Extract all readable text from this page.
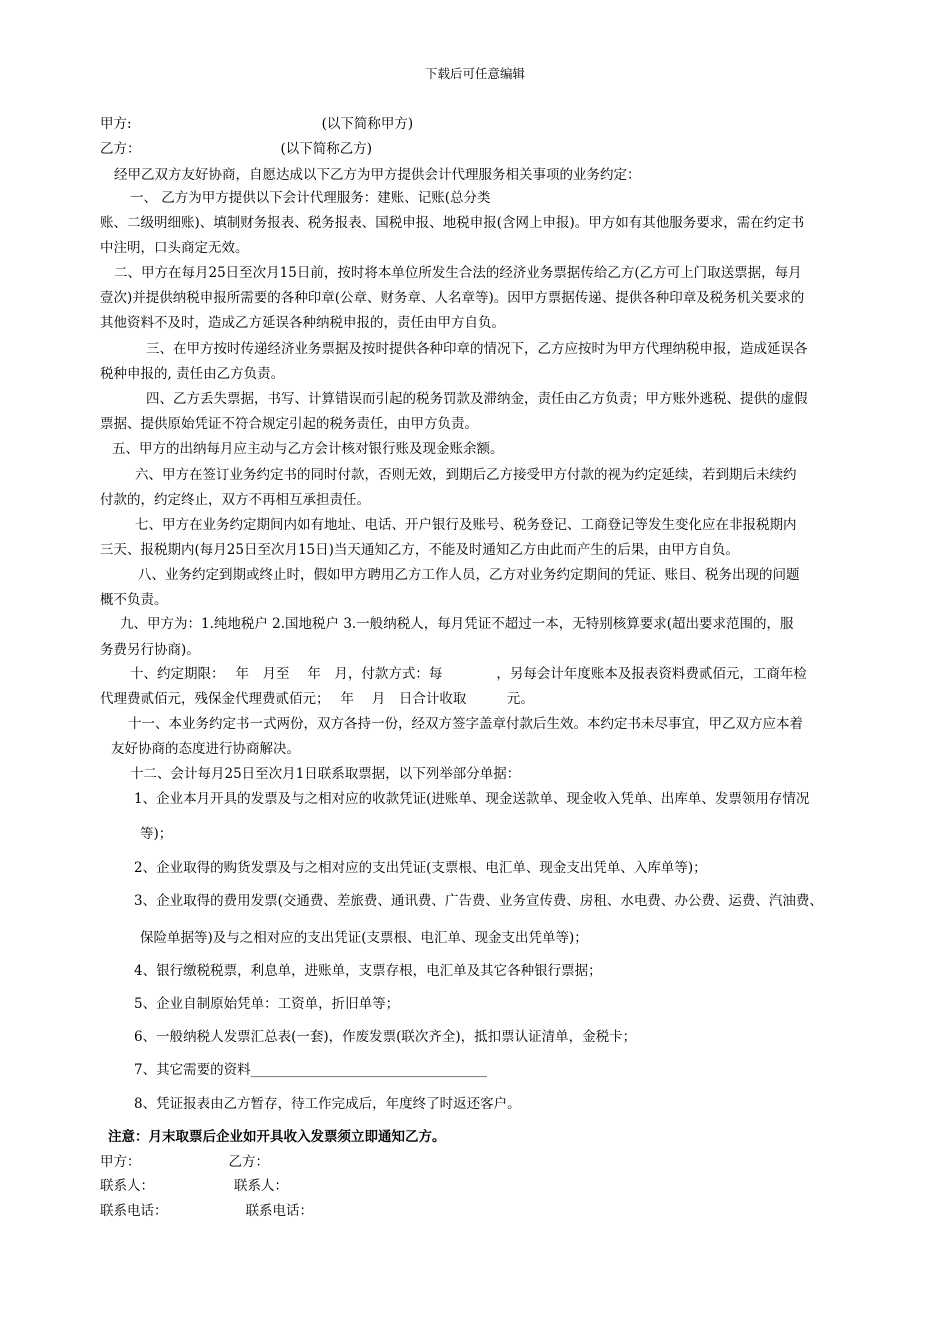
下载后可任意编辑
甲方:	(以下简称甲方)
乙方：	(以下简称乙方)
经甲乙双方友好协商，自愿达成以下乙方为甲方提供会计代理服务相关事项的业务约定：
一、 乙方为甲方提供以下会计代理服务：建账、记账(总分类
账、二级明细账)、填制财务报表、税务报表、国税申报、地税申报(含网上申报)。甲方如有其他服务要求，需在约定书
中注明，口头商定无效。
二、甲方在每月25日至次月15日前，按时将本单位所发生合法的经济业务票据传给乙方(乙方可上门取送票据，每月
壹次)并提供纳税申报所需要的各种印章(公章、财务章、人名章等)。因甲方票据传递、提供各种印章及税务机关要求的
其他资料不及时，造成乙方延误各种纳税申报的，责任由甲方自负。
三、在甲方按时传递经济业务票据及按时提供各种印章的情况下，乙方应按时为甲方代理纳税申报，造成延误各
税种申报的, 责任由乙方负责。
四、乙方丢失票据，书写、计算错误而引起的税务罚款及滞纳金，责任由乙方负责；甲方账外逃税、提供的虚假
票据、提供原始凭证不符合规定引起的税务责任，由甲方负责。
五、甲方的出纳每月应主动与乙方会计核对银行账及现金账余额。
六、甲方在签订业务约定书的同时付款，否则无效，到期后乙方接受甲方付款的视为约定延续，若到期后未续约
付款的，约定终止，双方不再相互承担责任。
七、甲方在业务约定期间内如有地址、电话、开户银行及账号、税务登记、工商登记等发生变化应在非报税期内
三天、报税期内(每月25日至次月15日)当天通知乙方，不能及时通知乙方由此而产生的后果，由甲方自负。
八、业务约定到期或终止时，假如甲方聘用乙方工作人员，乙方对业务约定期间的凭证、账目、税务出现的问题
概不负责。
九、甲方为：1.纯地税户 2.国地税户 3.一般纳税人，每月凭证不超过一本，无特别核算要求(超出要求范围的，服
务费另行协商)。
十、约定期限：　 年　月至　 年　月，付款方式：每　　　　，另每会计年度账本及报表资料费贰佰元，工商年检
代理费贰佰元，残保金代理费贰佰元；　 年　 月　日合计收取　　　元。
十一、本业务约定书一式两份，双方各持一份，经双方签字盖章付款后生效。本约定书未尽事宜，甲乙双方应本着
友好协商的态度进行协商解决。
十二、会计每月25日至次月1日联系取票据，以下列举部分单据：
1、企业本月开具的发票及与之相对应的收款凭证(进账单、现金送款单、现金收入凭单、出库单、发票领用存情况
等)；
2、企业取得的购货发票及与之相对应的支出凭证(支票根、电汇单、现金支出凭单、入库单等)；
3、企业取得的费用发票(交通费、差旅费、通讯费、广告费、业务宣传费、房租、水电费、办公费、运费、汽油费、
保险单据等)及与之相对应的支出凭证(支票根、电汇单、现金支出凭单等)；
4、银行缴税税票，利息单，进账单，支票存根，电汇单及其它各种银行票据；
5、企业自制原始凭单：工资单，折旧单等；
6、一般纳税人发票汇总表(一套)，作废发票(联次齐全)，抵扣票认证清单，金税卡；
7、其它需要的资料___________________________________
8、凭证报表由乙方暂存，待工作完成后，年度终了时返还客户。
注意：月末取票后企业如开具收入发票须立即通知乙方。
甲方：	乙方：
联系人：	联系人：
联系电话：	联系电话：
